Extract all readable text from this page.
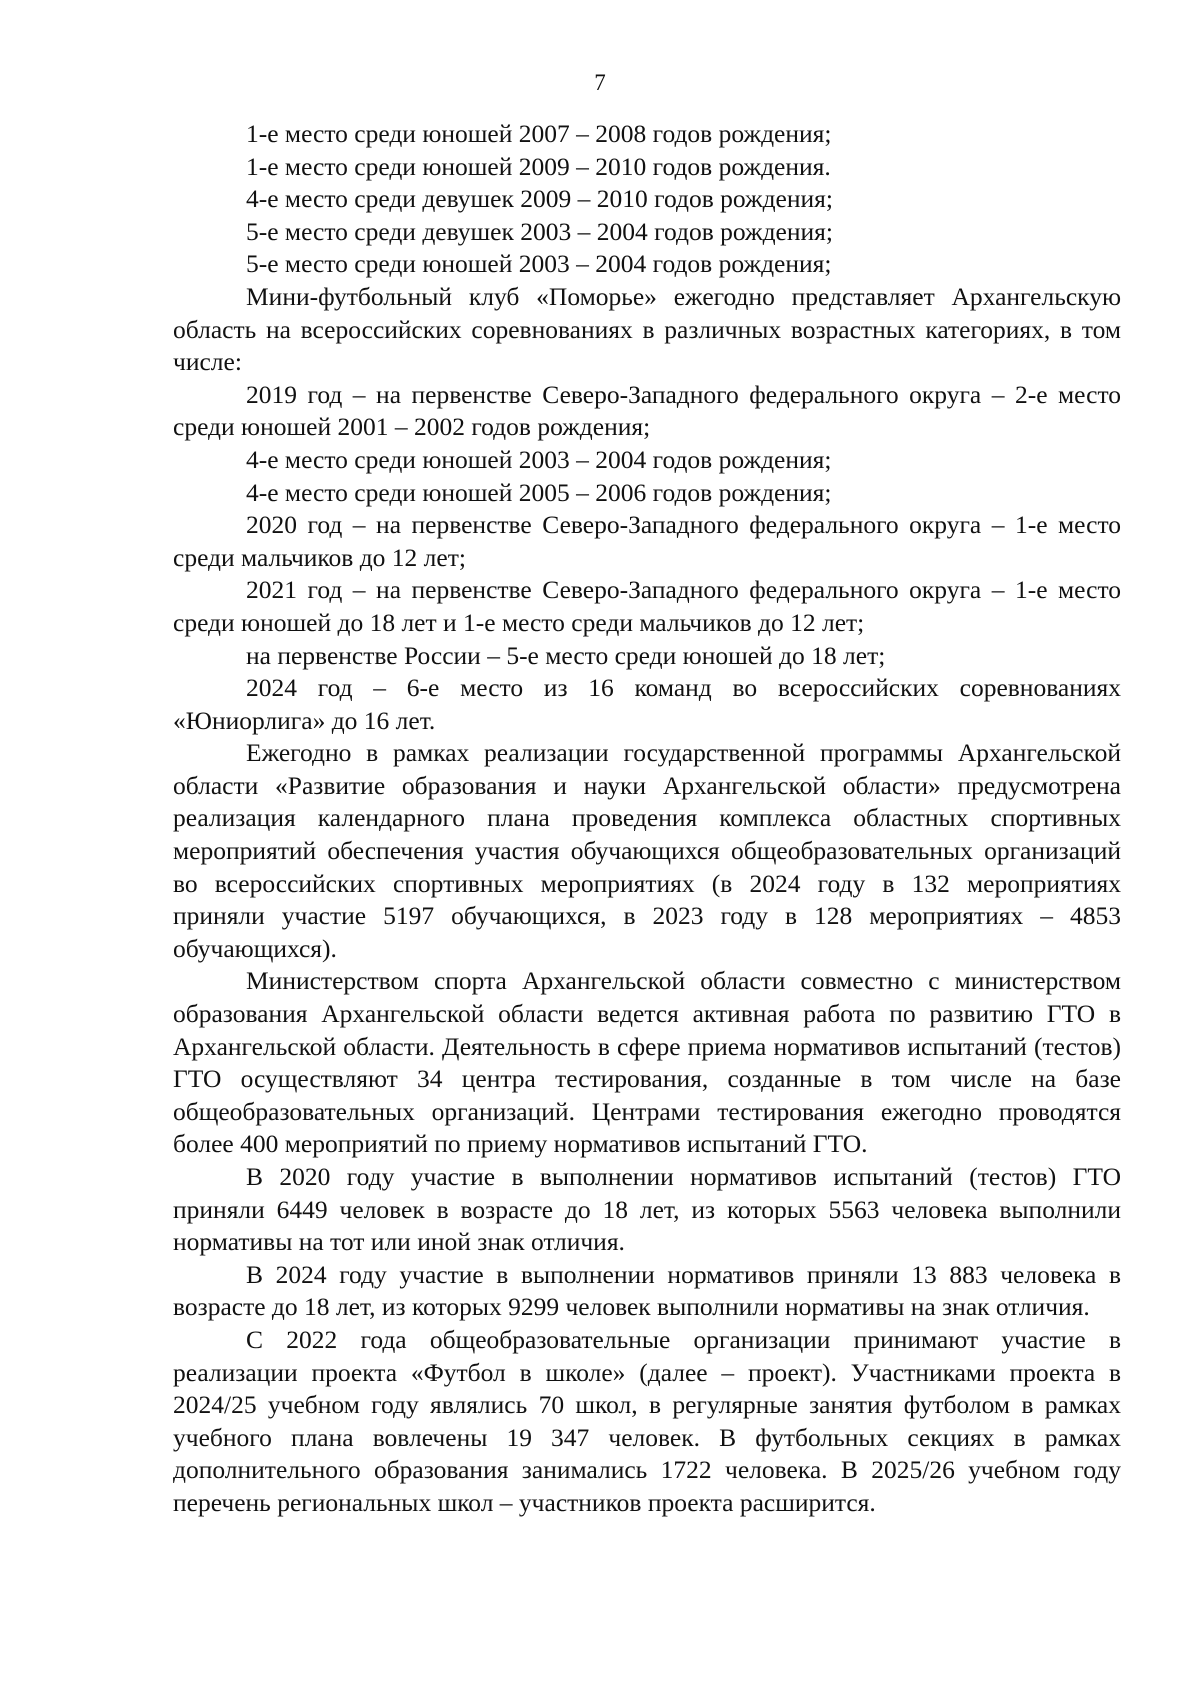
7

1-е место среди юношей 2007 – 2008 годов рождения;

1-е место среди юношей 2009 – 2010 годов рождения.

4-е место среди девушек 2009 – 2010 годов рождения;

5-е место среди девушек 2003 – 2004 годов рождения;

5-е место среди юношей 2003 – 2004 годов рождения;

Мини-футбольный клуб «Поморье» ежегодно представляет Архангельскую область на всероссийских соревнованиях в различных возрастных категориях, в том числе:

2019 год – на первенстве Северо-Западного федерального округа – 2-е место среди юношей 2001 – 2002 годов рождения;

4-е место среди юношей 2003 – 2004 годов рождения;

4-е место среди юношей 2005 – 2006 годов рождения;

2020 год – на первенстве Северо-Западного федерального округа – 1-е место среди мальчиков до 12 лет;

2021 год – на первенстве Северо-Западного федерального округа – 1-е место среди юношей до 18 лет и 1-е место среди мальчиков до 12 лет;

на первенстве России – 5-е место среди юношей до 18 лет;

2024 год – 6-е место из 16 команд во всероссийских соревнованиях «Юниорлига» до 16 лет.

Ежегодно в рамках реализации государственной программы Архангельской области «Развитие образования и науки Архангельской области» предусмотрена реализация календарного плана проведения комплекса областных спортивных мероприятий обеспечения участия обучающихся общеобразовательных организаций во всероссийских спортивных мероприятиях (в 2024 году в 132 мероприятиях приняли участие 5197 обучающихся, в 2023 году в 128 мероприятиях – 4853 обучающихся).

Министерством спорта Архангельской области совместно с министерством образования Архангельской области ведется активная работа по развитию ГТО в Архангельской области. Деятельность в сфере приема нормативов испытаний (тестов) ГТО осуществляют 34 центра тестирования, созданные в том числе на базе общеобразовательных организаций. Центрами тестирования ежегодно проводятся более 400 мероприятий по приему нормативов испытаний ГТО.

В 2020 году участие в выполнении нормативов испытаний (тестов) ГТО приняли 6449 человек в возрасте до 18 лет, из которых 5563 человека выполнили нормативы на тот или иной знак отличия.

В 2024 году участие в выполнении нормативов приняли 13 883 человека в возрасте до 18 лет, из которых 9299 человек выполнили нормативы на знак отличия.

С 2022 года общеобразовательные организации принимают участие в реализации проекта «Футбол в школе» (далее – проект). Участниками проекта в 2024/25 учебном году являлись 70 школ, в регулярные занятия футболом в рамках учебного плана вовлечены 19 347 человек. В футбольных секциях в рамках дополнительного образования занимались 1722 человека. В 2025/26 учебном году перечень региональных школ – участников проекта расширится.
